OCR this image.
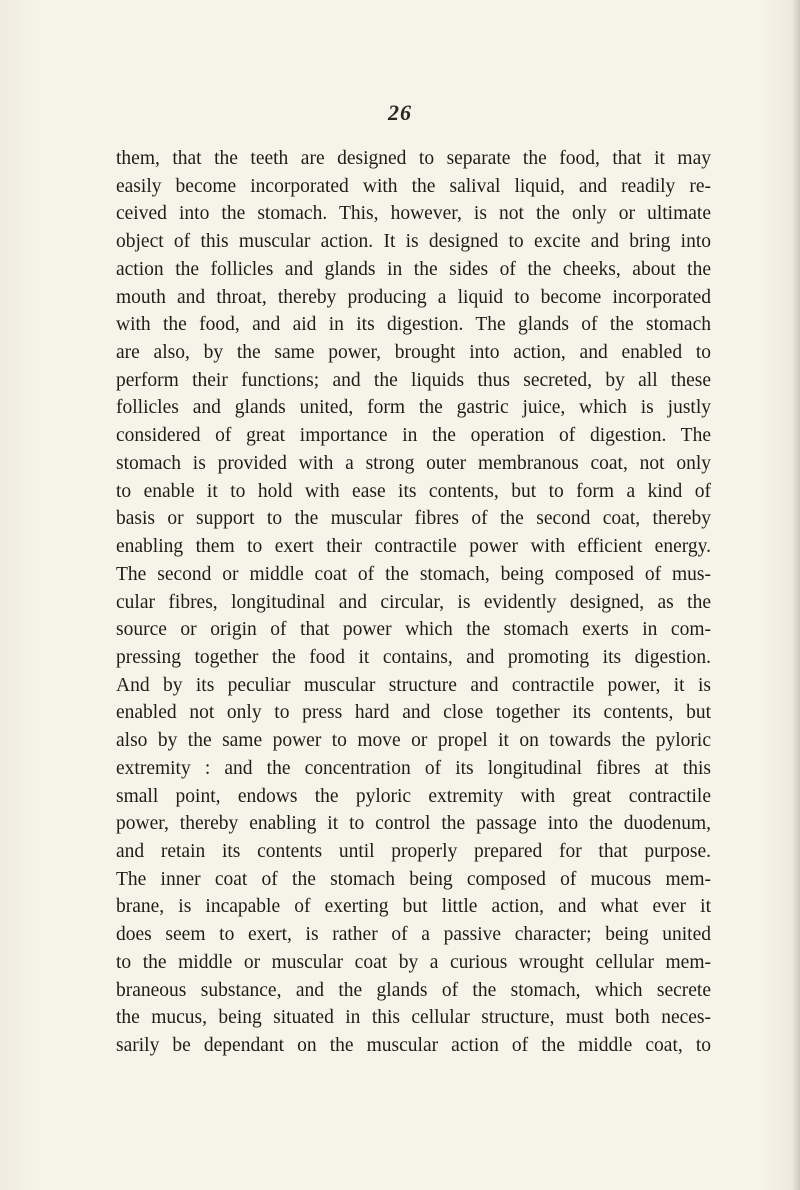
26
them, that the teeth are designed to separate the food, that it may
easily become incorporated with the salival liquid, and readily re-
ceived into the stomach. This, however, is not the only or ultimate
object of this muscular action. It is designed to excite and bring into
action the follicles and glands in the sides of the cheeks, about the
mouth and throat, thereby producing a liquid to become incorporated
with the food, and aid in its digestion. The glands of the stomach
are also, by the same power, brought into action, and enabled to
perform their functions; and the liquids thus secreted, by all these
follicles and glands united, form the gastric juice, which is justly
considered of great importance in the operation of digestion. The
stomach is provided with a strong outer membranous coat, not only
to enable it to hold with ease its contents, but to form a kind of
basis or support to the muscular fibres of the second coat, thereby
enabling them to exert their contractile power with efficient energy.
The second or middle coat of the stomach, being composed of mus-
cular fibres, longitudinal and circular, is evidently designed, as the
source or origin of that power which the stomach exerts in com-
pressing together the food it contains, and promoting its digestion.
And by its peculiar muscular structure and contractile power, it is
enabled not only to press hard and close together its contents, but
also by the same power to move or propel it on towards the pyloric
extremity : and the concentration of its longitudinal fibres at this
small point, endows the pyloric extremity with great contractile
power, thereby enabling it to control the passage into the duodenum,
and retain its contents until properly prepared for that purpose.
The inner coat of the stomach being composed of mucous mem-
brane, is incapable of exerting but little action, and what ever it
does seem to exert, is rather of a passive character; being united
to the middle or muscular coat by a curious wrought cellular mem-
braneous substance, and the glands of the stomach, which secrete
the mucus, being situated in this cellular structure, must both neces-
sarily be dependant on the muscular action of the middle coat, to
